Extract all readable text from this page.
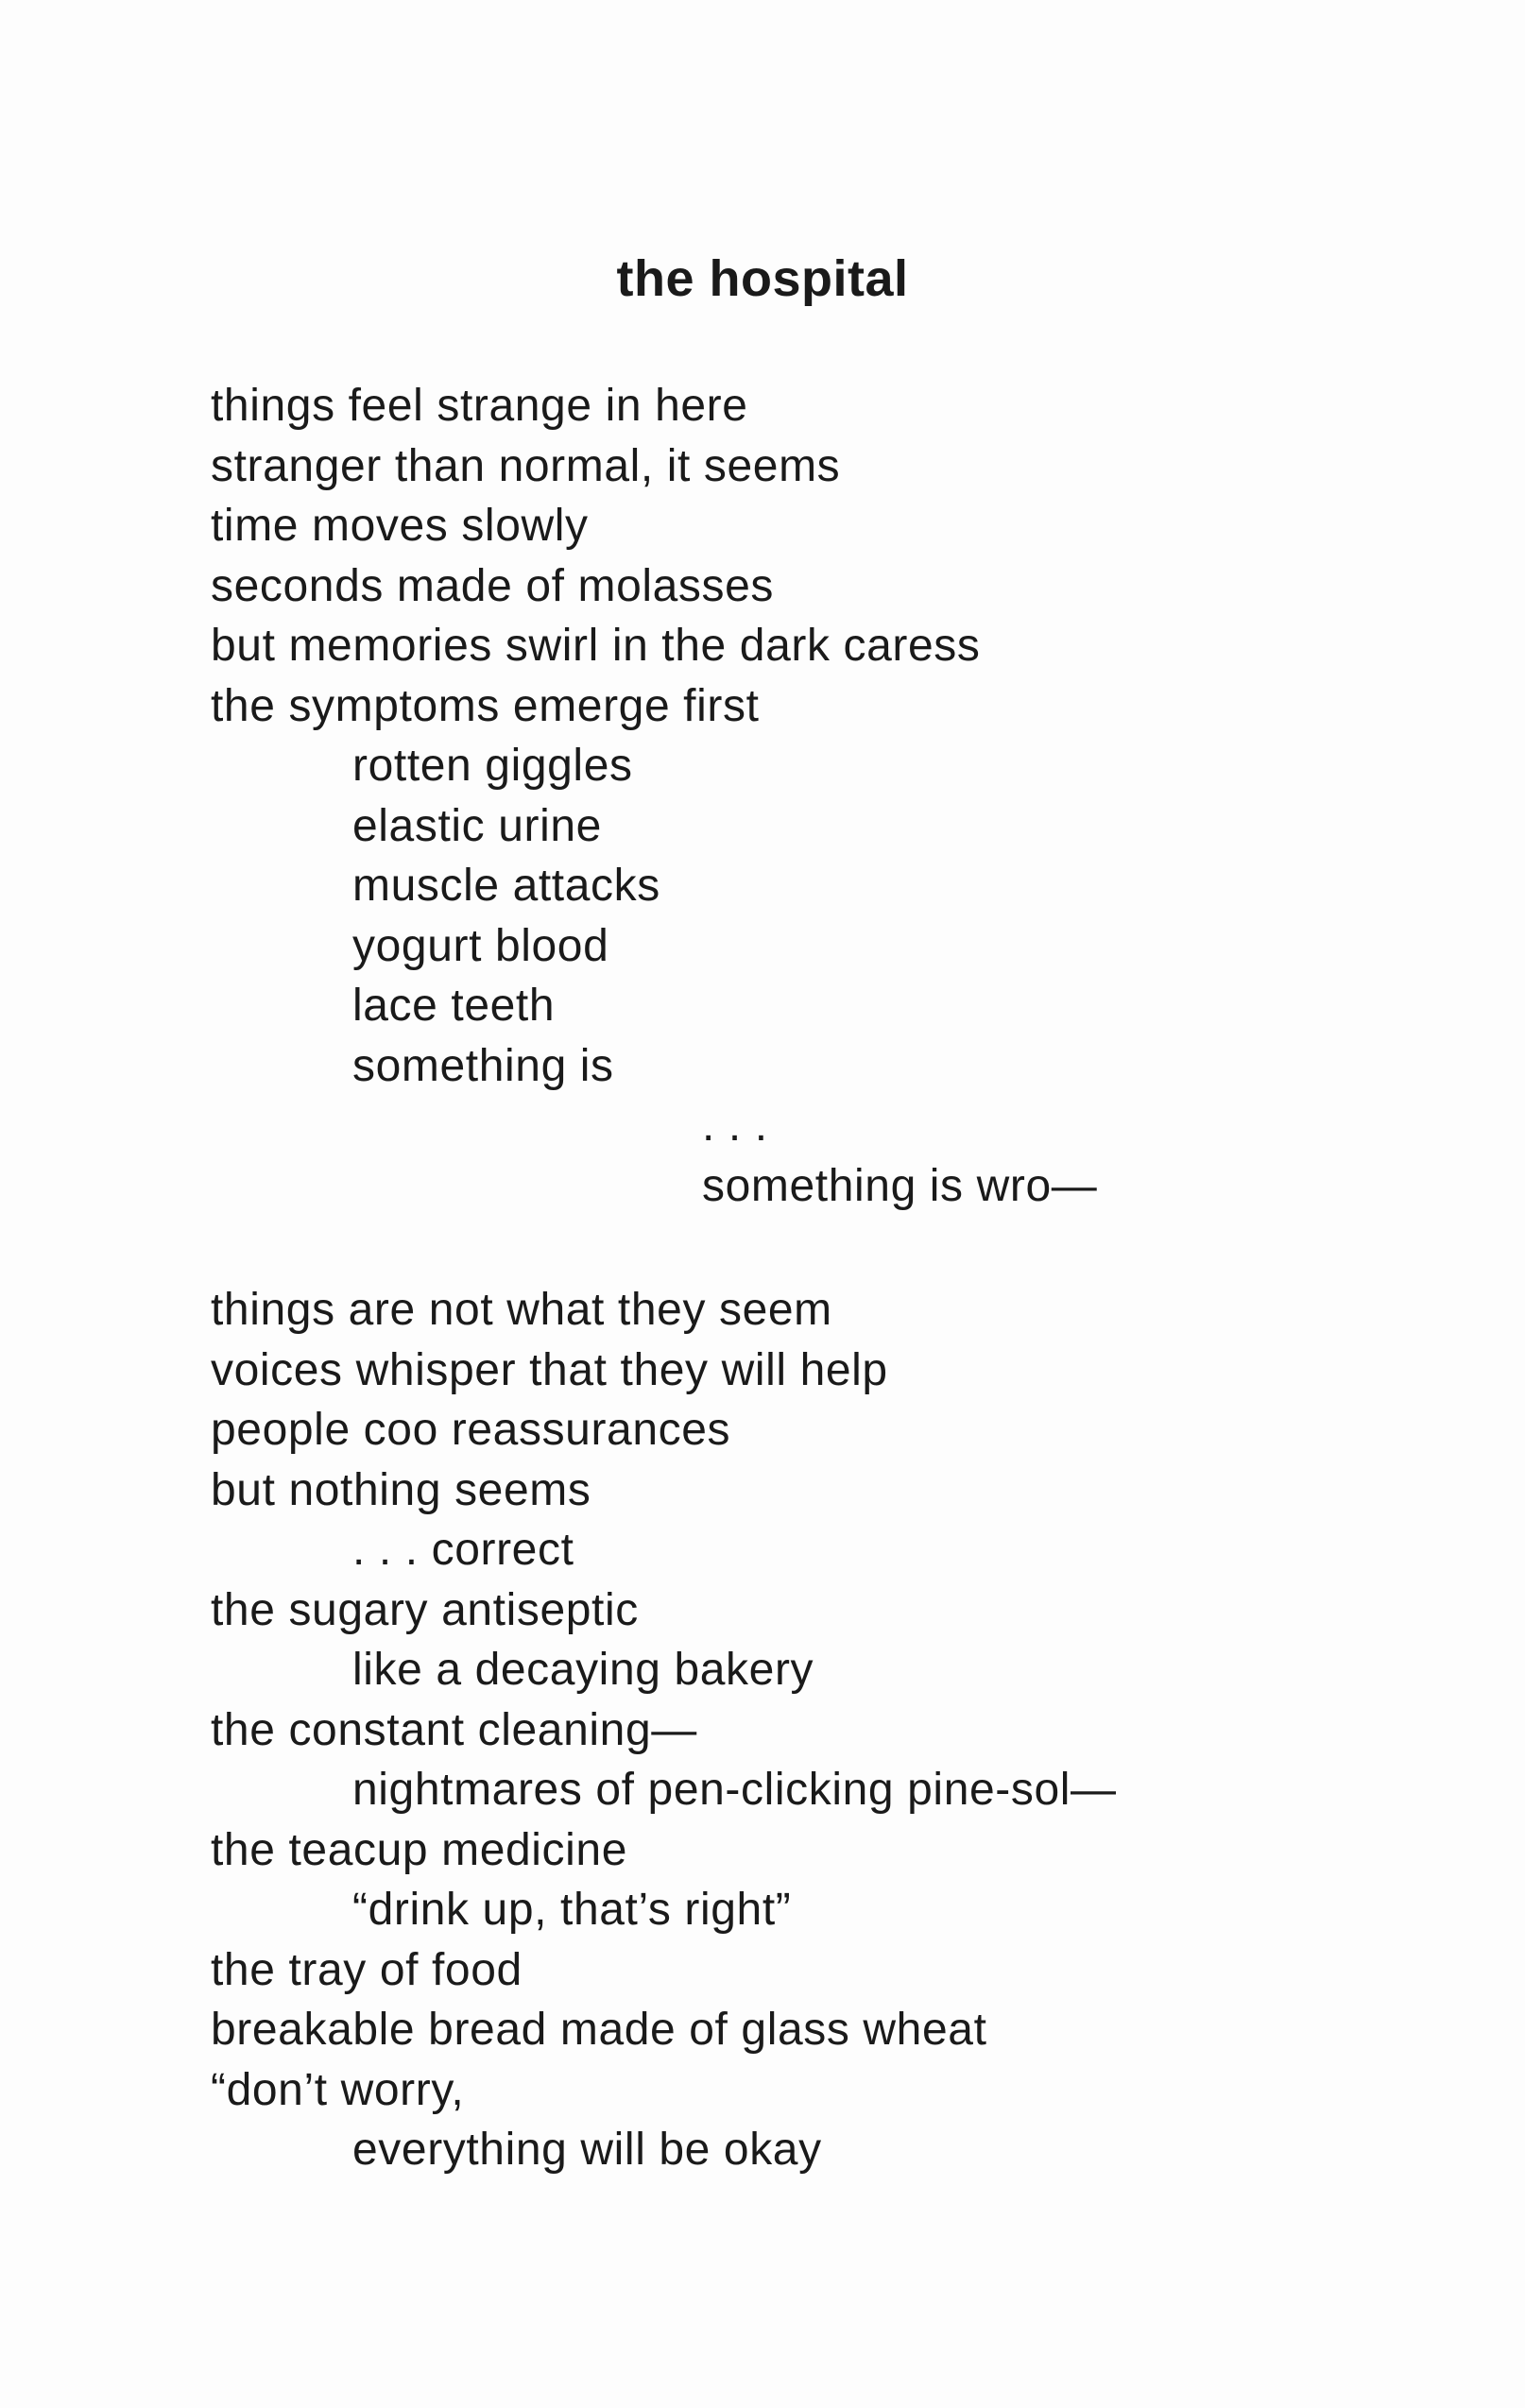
the hospital
things feel strange in here
stranger than normal, it seems
time moves slowly
seconds made of molasses
but memories swirl in the dark caress
the symptoms emerge first
rotten giggles
elastic urine
muscle attacks
yogurt blood
lace teeth
something is
. . .
something is wro—
things are not what they seem
voices whisper that they will help
people coo reassurances
but nothing seems
. . . correct
the sugary antiseptic
like a decaying bakery
the constant cleaning—
nightmares of pen-clicking pine-sol—
the teacup medicine
“drink up, that’s right”
the tray of food
breakable bread made of glass wheat
“don’t worry,
everything will be okay
